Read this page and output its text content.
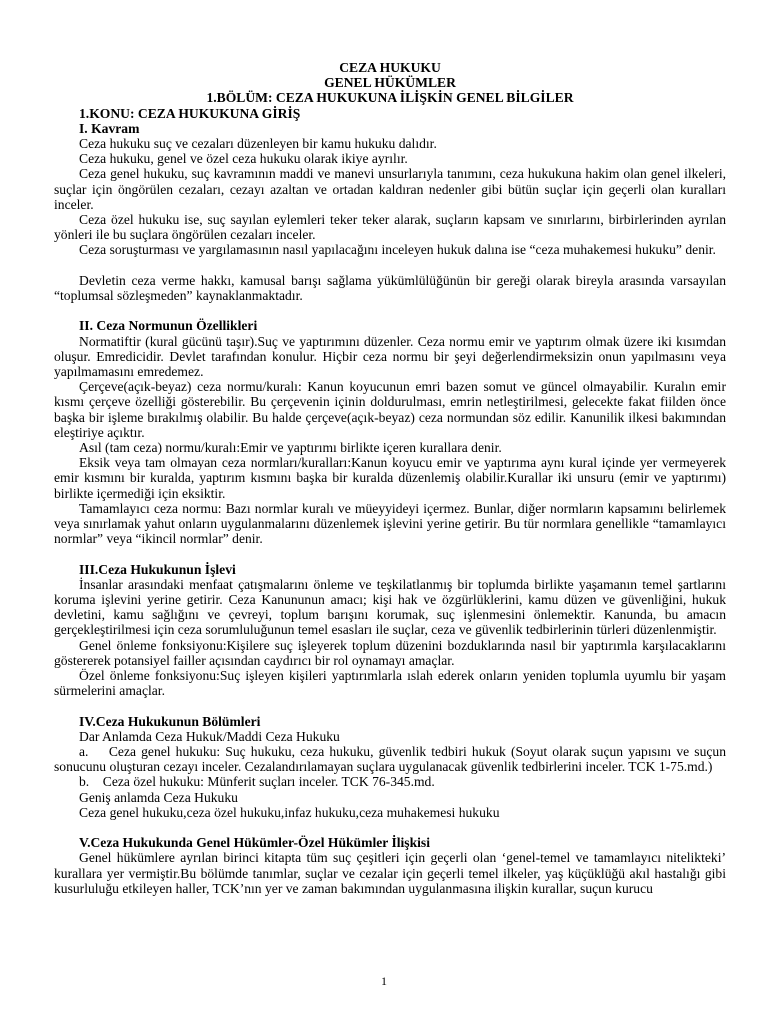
CEZA HUKUKU
GENEL HÜKÜMLER
1.BÖLÜM: CEZA HUKUKUNA İLİŞKİN GENEL BİLGİLER
1.KONU: CEZA HUKUKUNA GİRİŞ
I. Kavram
Ceza hukuku suç ve cezaları düzenleyen bir kamu hukuku dalıdır.
Ceza hukuku, genel ve özel ceza hukuku olarak ikiye ayrılır.
Ceza genel hukuku, suç kavramının maddi ve manevi unsurlarıyla tanımını, ceza hukukuna hakim olan genel ilkeleri, suçlar için öngörülen cezaları, cezayı azaltan ve ortadan kaldıran nedenler gibi bütün suçlar için geçerli olan kuralları inceler.
Ceza özel hukuku ise, suç sayılan eylemleri teker teker alarak, suçların kapsam ve sınırlarını, birbirlerinden ayrılan yönleri ile bu suçlara öngörülen cezaları inceler.
Ceza soruşturması ve yargılamasının nasıl yapılacağını inceleyen hukuk dalına ise “ceza muhakemesi hukuku” denir.
Devletin ceza verme hakkı, kamusal barışı sağlama yükümlülüğünün bir gereği olarak bireyla arasında varsayılan “toplumsal sözleşmeden” kaynaklanmaktadır.
II. Ceza Normunun Özellikleri
Normatiftir (kural gücünü taşır).Suç ve yaptırımını düzenler. Ceza normu emir ve yaptırım olmak üzere iki kısımdan oluşur. Emredicidir. Devlet tarafından konulur. Hiçbir ceza normu bir şeyi değerlendirmeksizin onun yapılmasını veya yapılmamasını emredemez.
Çerçeve(açık-beyaz) ceza normu/kuralı: Kanun koyucunun emri bazen somut ve güncel olmayabilir. Kuralın emir kısmı çerçeve özelliği gösterebilir. Bu çerçevenin içinin doldurulması, emrin netleştirilmesi, gelecekte fakat fiilden önce başka bir işleme bırakılmış olabilir. Bu halde çerçeve(açık-beyaz) ceza normundan söz edilir. Kanunilik ilkesi bakımından eleştiriye açıktır.
Asıl (tam ceza) normu/kuralı:Emir ve yaptırımı birlikte içeren kurallara denir.
Eksik veya tam olmayan ceza normları/kuralları:Kanun koyucu emir ve yaptırıma aynı kural içinde yer vermeyerek emir kısmını bir kuralda, yaptırım kısmını başka bir kuralda düzenlemiş olabilir.Kurallar iki unsuru (emir ve yaptırımı) birlikte içermediği için eksiktir.
Tamamlayıcı ceza normu: Bazı normlar kuralı ve müeyyideyi içermez. Bunlar, diğer normların kapsamını belirlemek veya sınırlamak yahut onların uygulanmalarını düzenlemek işlevini yerine getirir. Bu tür normlara genellikle “tamamlayıcı normlar” veya “ikincil normlar” denir.
III.Ceza Hukukunun İşlevi
İnsanlar arasındaki menfaat çatışmalarını önleme ve teşkilatlanmış bir toplumda birlikte yaşamanın temel şartlarını koruma işlevini yerine getirir. Ceza Kanununun amacı; kişi hak ve özgürlüklerini, kamu düzen ve güvenliğini, hukuk devletini, kamu sağlığını ve çevreyi, toplum barışını korumak, suç işlenmesini önlemektir. Kanunda, bu amacın gerçekleştirilmesi için ceza sorumluluğunun temel esasları ile suçlar, ceza ve güvenlik tedbirlerinin türleri düzenlenmiştir.
Genel önleme fonksiyonu:Kişilere suç işleyerek toplum düzenini bozduklarında nasıl bir yaptırımla karşılacaklarını göstererek potansiyel failler açısından caydırıcı bir rol oynamayı amaçlar.
Özel önleme fonksiyonu:Suç işleyen kişileri yaptırımlarla ıslah ederek onların yeniden toplumla uyumlu bir yaşam sürmelerini amaçlar.
IV.Ceza Hukukunun Bölümleri
Dar Anlamda Ceza Hukuk/Maddi Ceza Hukuku
a.    Ceza genel hukuku: Suç hukuku, ceza hukuku, güvenlik tedbiri hukuk (Soyut olarak suçun yapısını ve suçun sonucunu oluşturan cezayı inceler. Cezalandırılamayan suçlara uygulanacak güvenlik tedbirlerini inceler. TCK 1-75.md.)
b.    Ceza özel hukuku: Münferit suçları inceler. TCK 76-345.md.
Geniş anlamda Ceza Hukuku
Ceza genel hukuku,ceza özel hukuku,infaz hukuku,ceza muhakemesi hukuku
V.Ceza Hukukunda Genel Hükümler-Özel Hükümler İlişkisi
Genel hükümlere ayrılan birinci kitapta tüm suç çeşitleri için geçerli olan ‘genel-temel ve tamamlayıcı nitelikteki’ kurallara yer vermiştir.Bu bölümde tanımlar, suçlar ve cezalar için geçerli temel ilkeler, yaş küçüklüğü akıl hastalığı gibi kusurluluğu etkileyen haller, TCK’nın yer ve zaman bakımından uygulanmasına ilişkin kurallar, suçun kurucu
1
